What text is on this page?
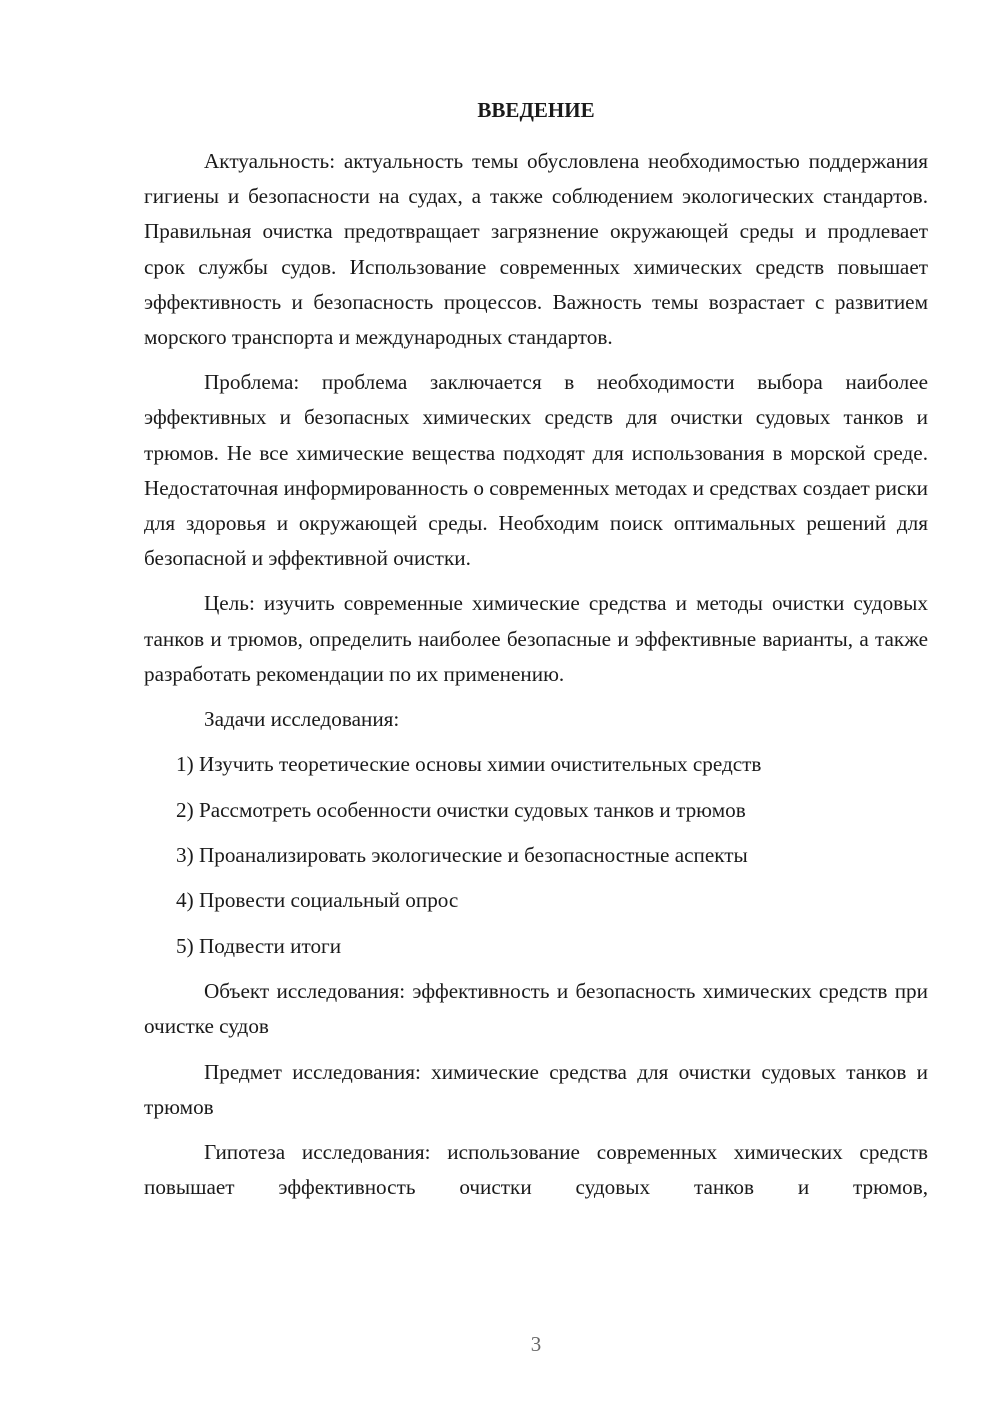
ВВЕДЕНИЕ

Актуальность: актуальность темы обусловлена необходимостью поддержания гигиены и безопасности на судах, а также соблюдением экологических стандартов. Правильная очистка предотвращает загрязнение окружающей среды и продлевает срок службы судов. Использование современных химических средств повышает эффективность и безопасность процессов. Важность темы возрастает с развитием морского транспорта и международных стандартов.

Проблема: проблема заключается в необходимости выбора наиболее эффективных и безопасных химических средств для очистки судовых танков и трюмов. Не все химические вещества подходят для использования в морской среде. Недостаточная информированность о современных методах и средствах создает риски для здоровья и окружающей среды. Необходим поиск оптимальных решений для безопасной и эффективной очистки.

Цель: изучить современные химические средства и методы очистки судовых танков и трюмов, определить наиболее безопасные и эффективные варианты, а также разработать рекомендации по их применению.

Задачи исследования:

1) Изучить теоретические основы химии очистительных средств
2) Рассмотреть особенности очистки судовых танков и трюмов
3) Проанализировать экологические и безопасностные аспекты
4) Провести социальный опрос
5) Подвести итоги

Объект исследования: эффективность и безопасность химических средств при очистке судов

Предмет исследования: химические средства для очистки судовых танков и трюмов

Гипотеза исследования: использование современных химических средств повышает эффективность очистки судовых танков и трюмов,

3
